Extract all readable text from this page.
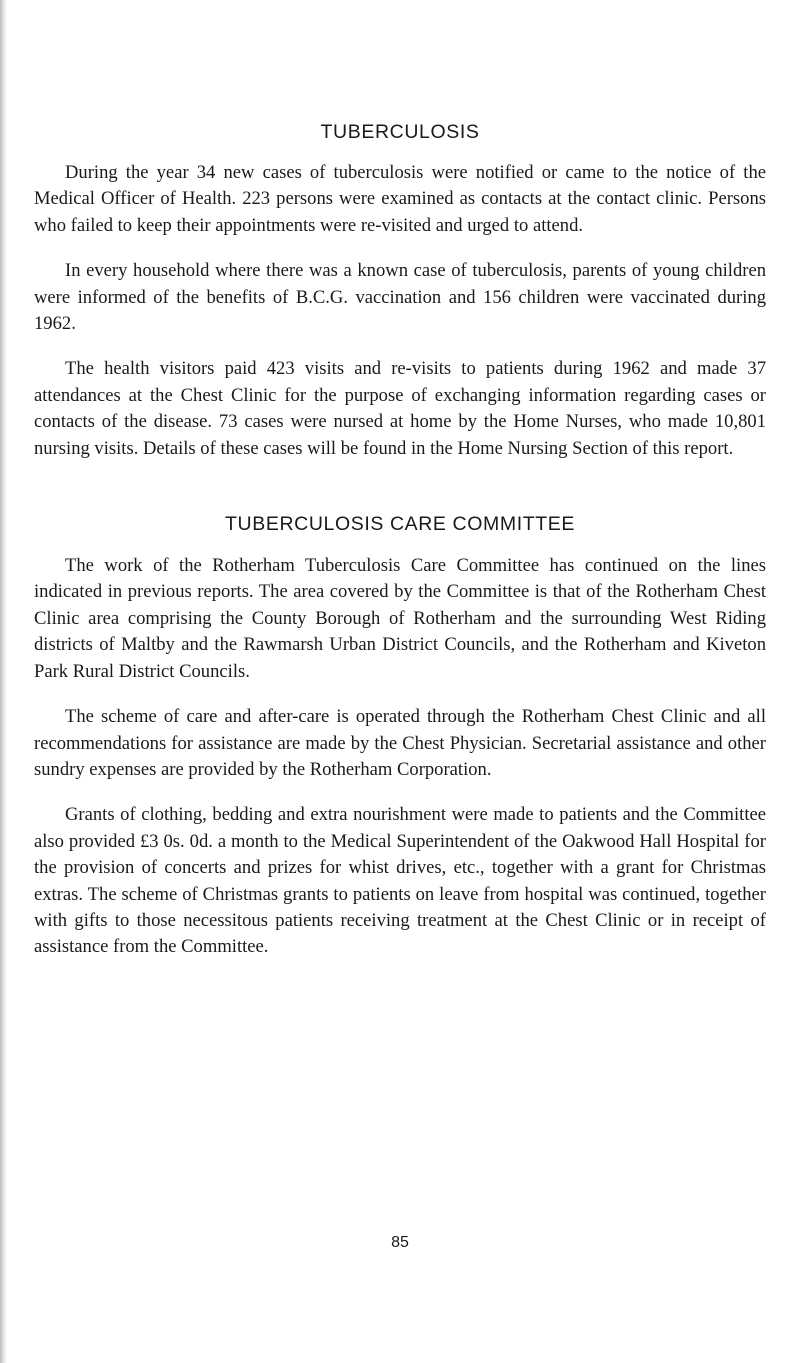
TUBERCULOSIS

During the year 34 new cases of tuberculosis were notified or came to the notice of the Medical Officer of Health. 223 persons were examined as contacts at the contact clinic. Persons who failed to keep their appointments were re-visited and urged to attend.

In every household where there was a known case of tuberculosis, parents of young children were informed of the benefits of B.C.G. vaccination and 156 children were vaccinated during 1962.

The health visitors paid 423 visits and re-visits to patients during 1962 and made 37 attendances at the Chest Clinic for the purpose of exchanging information regarding cases or contacts of the disease. 73 cases were nursed at home by the Home Nurses, who made 10,801 nursing visits. Details of these cases will be found in the Home Nursing Section of this report.

TUBERCULOSIS CARE COMMITTEE

The work of the Rotherham Tuberculosis Care Committee has continued on the lines indicated in previous reports. The area covered by the Committee is that of the Rotherham Chest Clinic area comprising the County Borough of Rotherham and the surrounding West Riding districts of Maltby and the Rawmarsh Urban District Councils, and the Rotherham and Kiveton Park Rural District Councils.

The scheme of care and after-care is operated through the Rotherham Chest Clinic and all recommendations for assistance are made by the Chest Physician. Secretarial assistance and other sundry expenses are provided by the Rotherham Corporation.

Grants of clothing, bedding and extra nourishment were made to patients and the Committee also provided £3 0s. 0d. a month to the Medical Superintendent of the Oakwood Hall Hospital for the provision of concerts and prizes for whist drives, etc., together with a grant for Christmas extras. The scheme of Christmas grants to patients on leave from hospital was continued, together with gifts to those necessitous patients receiving treatment at the Chest Clinic or in receipt of assistance from the Committee.

85
